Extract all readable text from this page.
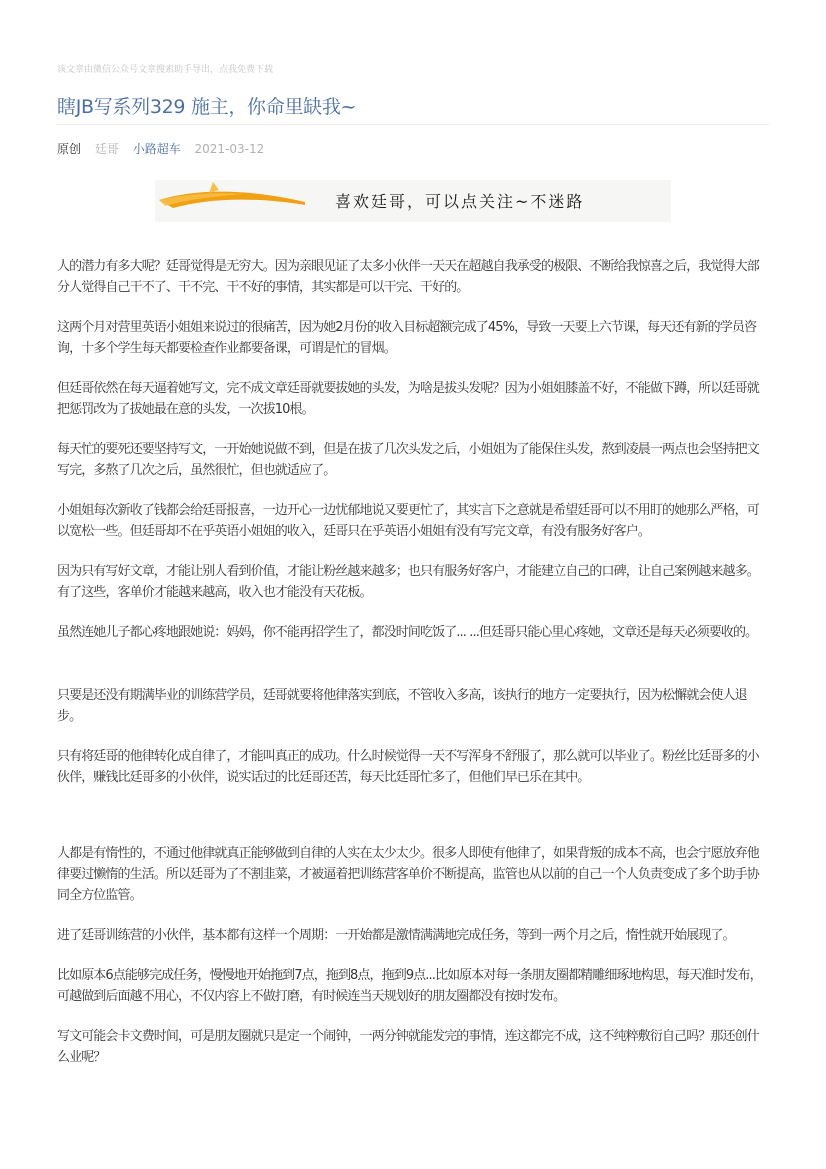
该文章由微信公众号文章搜索助手导出，点我免费下载
瞎JB写系列329 施主，你命里缺我~
原创 廷哥 小路超车 2021-03-12
喜欢廷哥，可以点关注~不迷路

人的潜力有多大呢？廷哥觉得是无穷大。因为亲眼见证了太多小伙伴一天天在超越自我承受的极限、不断给我惊喜之后，我觉得大部分人觉得自己干不了、干不完、干不好的事情，其实都是可以干完、干好的。

这两个月对营里英语小姐姐来说过的很痛苦，因为她2月份的收入目标超额完成了45%，导致一天要上六节课，每天还有新的学员咨询，十多个学生每天都要检查作业都要备课，可谓是忙的冒烟。

但廷哥依然在每天逼着她写文，完不成文章廷哥就要拔她的头发，为啥是拔头发呢？因为小姐姐膝盖不好，不能做下蹲，所以廷哥就把惩罚改为了拔她最在意的头发，一次拔10根。

每天忙的要死还要坚持写文，一开始她说做不到，但是在拔了几次头发之后，小姐姐为了能保住头发，熬到凌晨一两点也会坚持把文写完，多熬了几次之后，虽然很忙，但也就适应了。

小姐姐每次新收了钱都会给廷哥报喜，一边开心一边忧郁地说又要更忙了，其实言下之意就是希望廷哥可以不用盯的她那么严格，可以宽松一些。但廷哥却不在乎英语小姐姐的收入，廷哥只在乎英语小姐姐有没有写完文章，有没有服务好客户。

因为只有写好文章，才能让别人看到价值，才能让粉丝越来越多；也只有服务好客户，才能建立自己的口碑，让自己案例越来越多。有了这些，客单价才能越来越高，收入也才能没有天花板。

虽然连她儿子都心疼地跟她说：妈妈，你不能再招学生了，都没时间吃饭了... ...但廷哥只能心里心疼她，文章还是每天必须要收的。

只要是还没有期满毕业的训练营学员，廷哥就要将他律落实到底，不管收入多高，该执行的地方一定要执行，因为松懈就会使人退步。

只有将廷哥的他律转化成自律了，才能叫真正的成功。什么时候觉得一天不写浑身不舒服了，那么就可以毕业了。粉丝比廷哥多的小伙伴，赚钱比廷哥多的小伙伴，说实话过的比廷哥还苦，每天比廷哥忙多了，但他们早已乐在其中。

人都是有惰性的，不通过他律就真正能够做到自律的人实在太少太少。很多人即使有他律了，如果背叛的成本不高，也会宁愿放弃他律要过懒惰的生活。所以廷哥为了不割韭菜，才被逼着把训练营客单价不断提高，监管也从以前的自己一个人负责变成了多个助手协同全方位监管。

进了廷哥训练营的小伙伴，基本都有这样一个周期：一开始都是激情满满地完成任务，等到一两个月之后，惰性就开始展现了。

比如原本6点能够完成任务，慢慢地开始拖到7点，拖到8点，拖到9点...比如原本对每一条朋友圈都精雕细琢地构思，每天准时发布，可越做到后面越不用心，不仅内容上不做打磨，有时候连当天规划好的朋友圈都没有按时发布。

写文可能会卡文费时间，可是朋友圈就只是定一个闹钟，一两分钟就能发完的事情，连这都完不成，这不纯粹敷衍自己吗？那还创什么业呢？
